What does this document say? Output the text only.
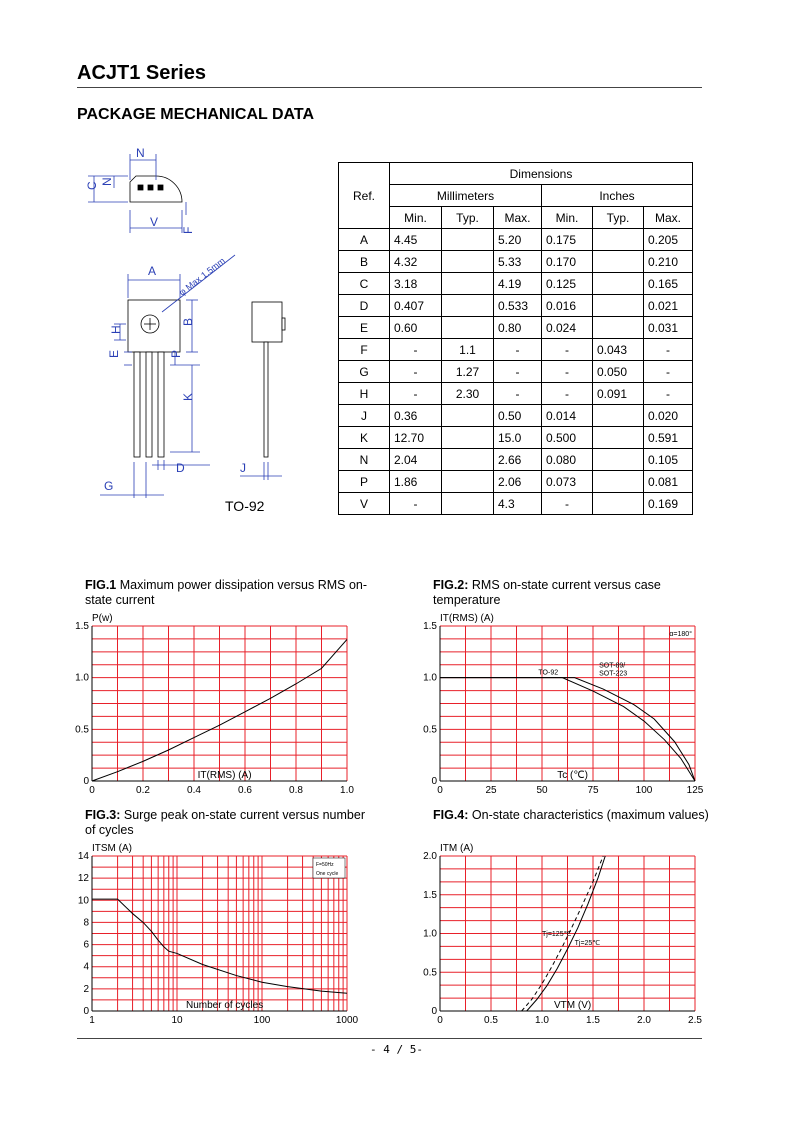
ACJT1 Series
PACKAGE MECHANICAL DATA
N
C N
V
F
A φ Max 1.5mm
B
H
E	P
K
G
D	J
TO-92
Ref.	Dimensions					
	Millimeters			Inches		
	Min.	Typ.	Max.	Min.	Typ.	Max.
A	4.45		5.20	0.175		0.205
B	4.32		5.33	0.170		0.210
C	3.18		4.19	0.125		0.165
D	0.407		0.533	0.016		0.021
E	0.60		0.80	0.024		0.031
F	-	1.1	-	-	0.043	-
G	-	1.27	-	-	0.050	-
H	-	2.30	-	-	0.091	-
J	0.36		0.50	0.014		0.020
K	12.70		15.0	0.500		0.591
N	2.04		2.66	0.080		0.105
P	1.86		2.06	0.073		0.081
V	-		4.3	-		0.169
FIG.1 Maximum power dissipation versus RMS on-state current
FIG.2: RMS on-state current versus case temperature
FIG.3: Surge peak on-state current versus number of cycles
FIG.4: On-state characteristics (maximum values)
0	0.2	0.4	0.6	0.8	1.0
0
0.5
1.0
1.5
P(w)
IT(RMS) (A)
0	25	50	75	100	125
0
0.5
1.0
1.5
IT(RMS) (A)
Tc (℃)
α=180°
TO-92
SOT-89/
SOT-223
1	10	100	1000
0
2
4
6
8
10
12
14
ITSM (A)
Number of cycles
F=50Hz
One cycle
0	0.5	1.0	1.5	2.0	2.5
0
0.5
1.0
1.5
2.0
ITM (A)
VTM (V)
Tj=125℃
Tj=25℃
- 4 / 5-
